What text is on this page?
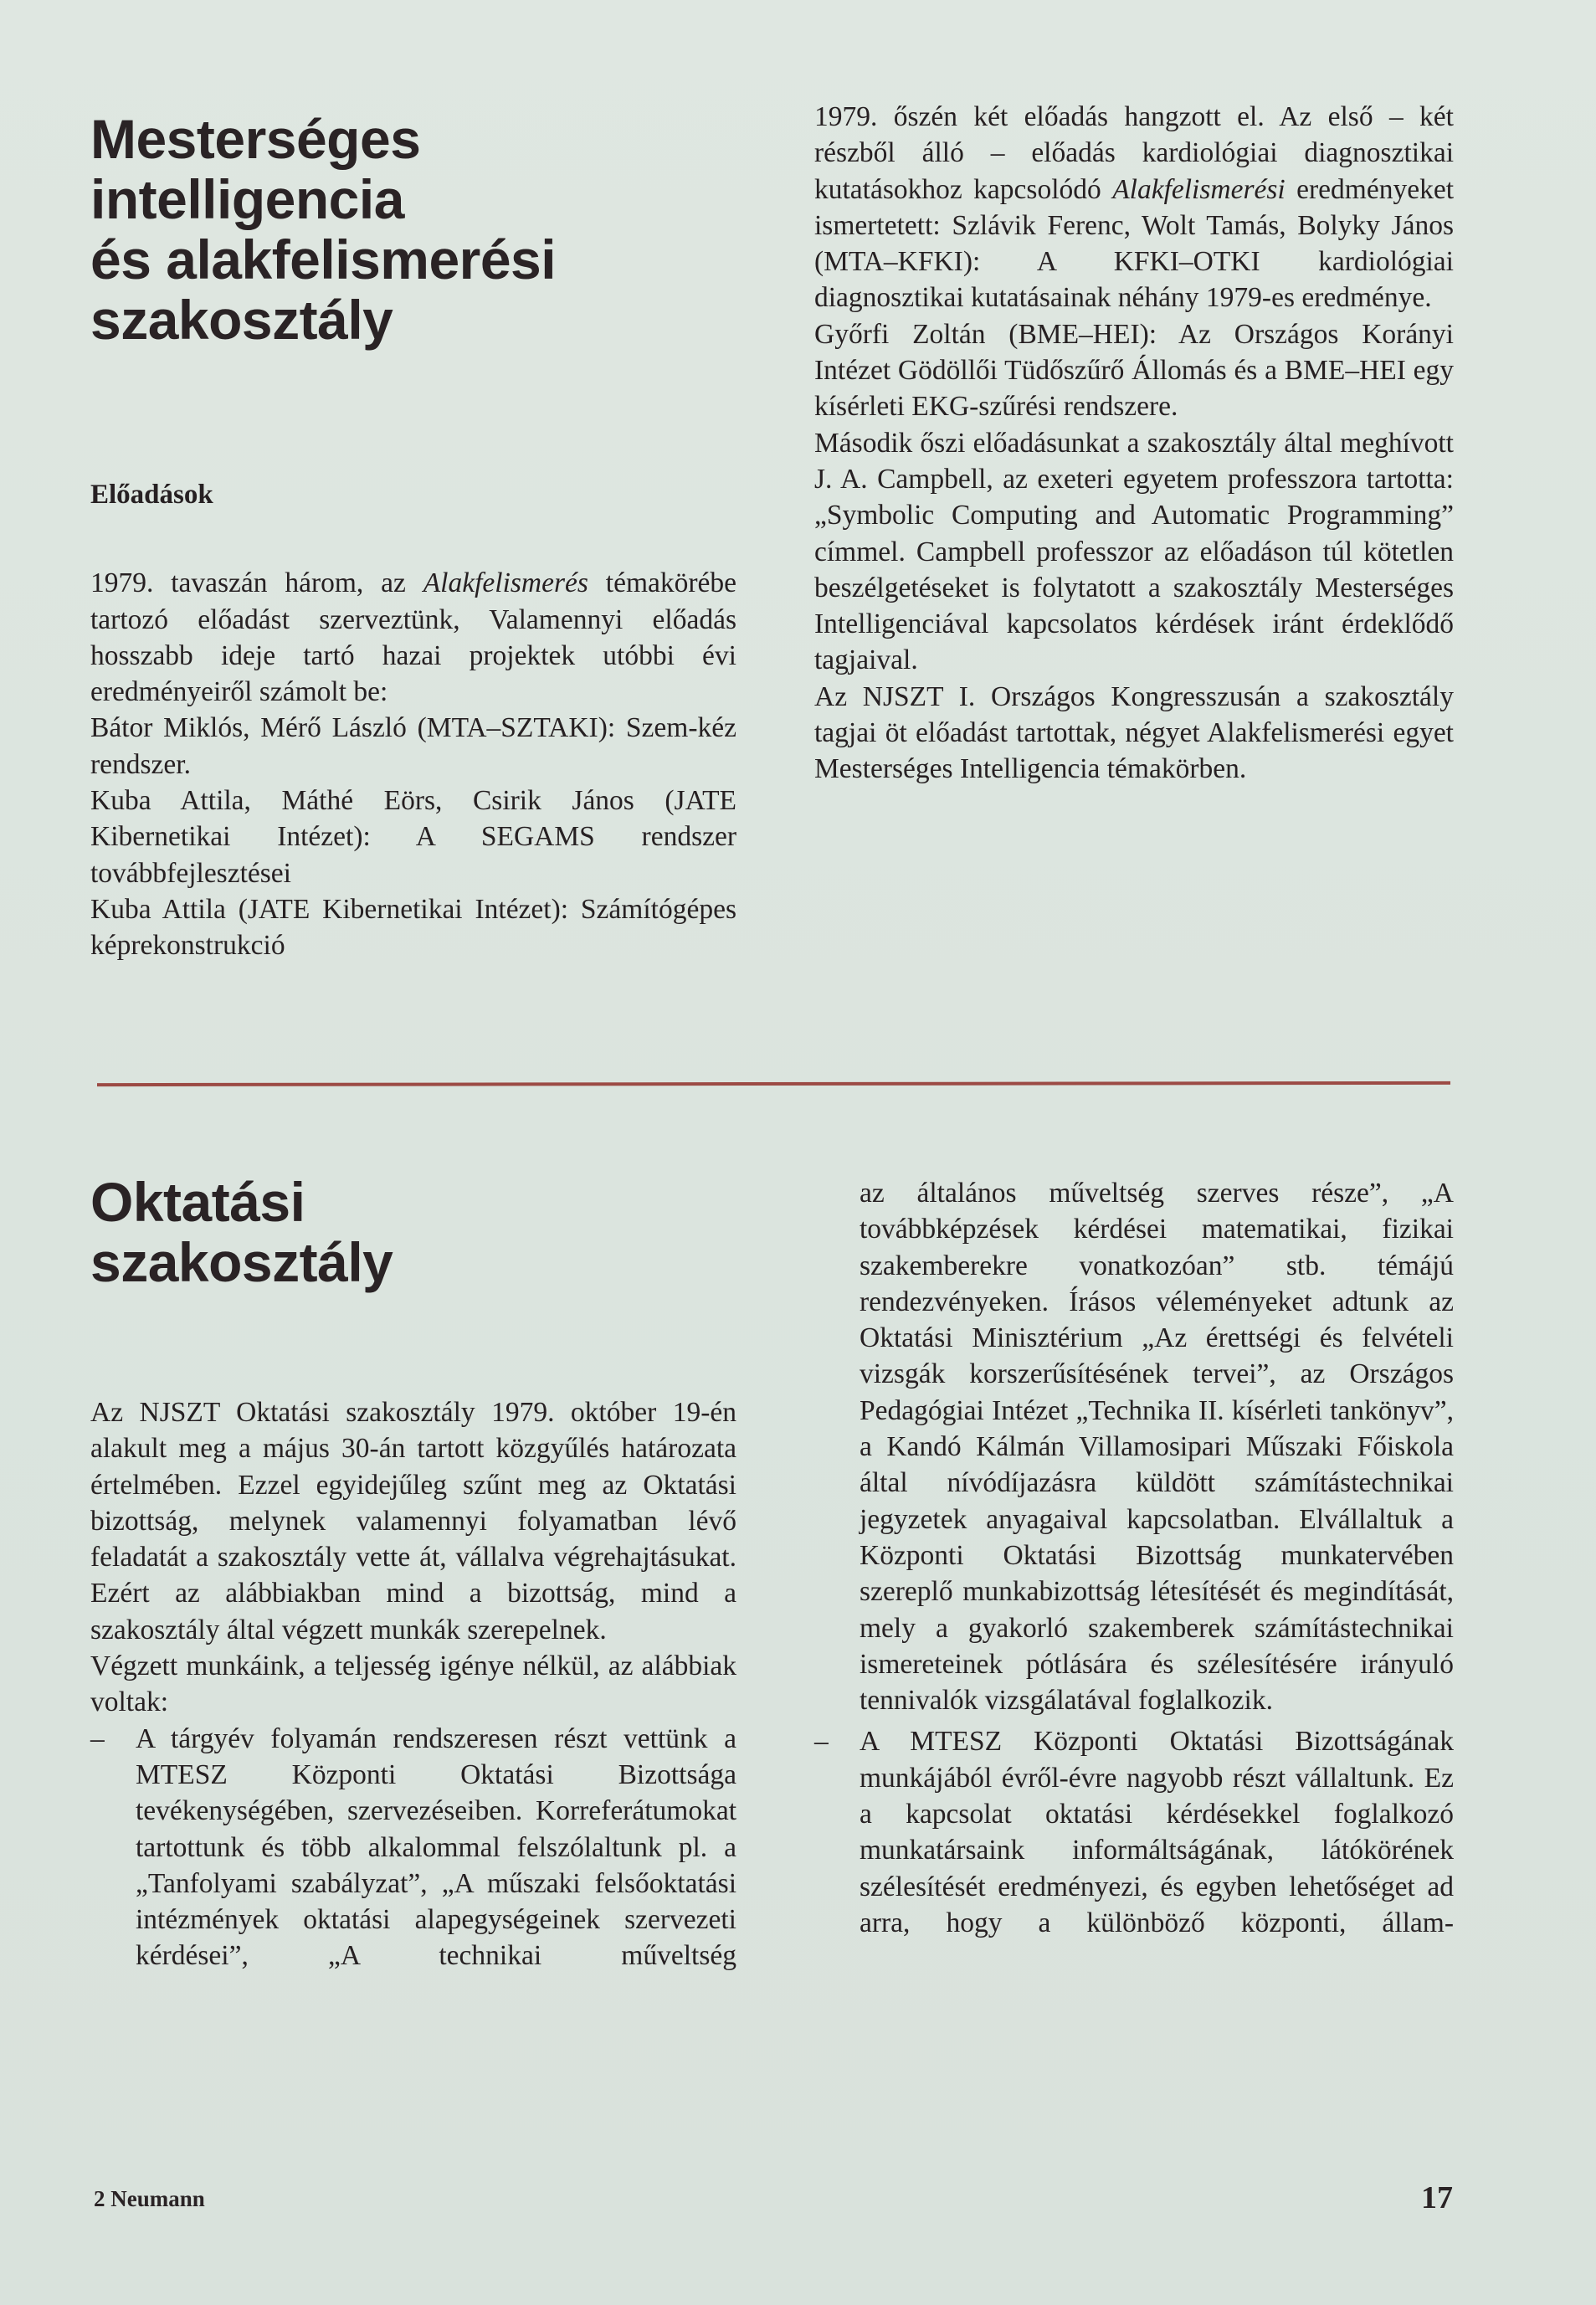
Mesterséges
intelligencia
és alakfelismerési
szakosztály

Előadások

1979. tavaszán három, az Alakfelismerés témakörébe tartozó előadást szerveztünk, Valamennyi előadás hosszabb ideje tartó hazai projektek utóbbi évi eredményeiről számolt be:

Bátor Miklós, Mérő László (MTA–SZTAKI): Szem-kéz rendszer.

Kuba Attila, Máthé Eörs, Csirik János (JATE Kibernetikai Intézet): A SEGAMS rendszer továbbfejlesztései

Kuba Attila (JATE Kibernetikai Intézet): Számítógépes képrekonstrukció

1979. őszén két előadás hangzott el. Az első – két részből álló – előadás kardiológiai diagnosztikai kutatásokhoz kapcsolódó Alakfelismerési eredményeket ismertetett: Szlávik Ferenc, Wolt Tamás, Bolyky János (MTA–KFKI): A KFKI–OTKI kardiológiai diagnosztikai kutatásainak néhány 1979-es eredménye.

Győrfi Zoltán (BME–HEI): Az Országos Korányi Intézet Gödöllői Tüdőszűrő Állomás és a BME–HEI egy kísérleti EKG-szűrési rendszere.

Második őszi előadásunkat a szakosztály által meghívott J. A. Campbell, az exeteri egyetem professzora tartotta: „Symbolic Computing and Automatic Programming” címmel. Campbell professzor az előadáson túl kötetlen beszélgetéseket is folytatott a szakosztály Mesterséges Intelligenciával kapcsolatos kérdések iránt érdeklődő tagjaival.

Az NJSZT I. Országos Kongresszusán a szakosztály tagjai öt előadást tartottak, négyet Alakfelismerési egyet Mesterséges Intelligencia témakörben.

Oktatási
szakosztály

Az NJSZT Oktatási szakosztály 1979. október 19-én alakult meg a május 30-án tartott közgyűlés határozata értelmében. Ezzel egyidejűleg szűnt meg az Oktatási bizottság, melynek valamennyi folyamatban lévő feladatát a szakosztály vette át, vállalva végrehajtásukat. Ezért az alábbiakban mind a bizottság, mind a szakosztály által végzett munkák szerepelnek.

Végzett munkáink, a teljesség igénye nélkül, az alábbiak voltak:

– A tárgyév folyamán rendszeresen részt vettünk a MTESZ Központi Oktatási Bizottsága tevékenységében, szervezéseiben. Korreferátumokat tartottunk és több alkalommal felszólaltunk pl. a „Tanfolyami szabályzat”, „A műszaki felsőoktatási intézmények oktatási alapegységeinek szervezeti kérdései”, „A technikai műveltség

az általános műveltség szerves része”, „A továbbképzések kérdései matematikai, fizikai szakemberekre vonatkozóan” stb. témájú rendezvényeken. Írásos véleményeket adtunk az Oktatási Minisztérium „Az érettségi és felvételi vizsgák korszerűsítésének tervei”, az Országos Pedagógiai Intézet „Technika II. kísérleti tankönyv”, a Kandó Kálmán Villamosipari Műszaki Főiskola által nívódíjazásra küldött számítástechnikai jegyzetek anyagaival kapcsolatban. Elvállaltuk a Központi Oktatási Bizottság munkatervében szereplő munkabizottság létesítését és megindítását, mely a gyakorló szakemberek számítástechnikai ismereteinek pótlására és szélesítésére irányuló tennivalók vizsgálatával foglalkozik.

– A MTESZ Központi Oktatási Bizottságának munkájából évről-évre nagyobb részt vállaltunk. Ez a kapcsolat oktatási kérdésekkel foglalkozó munkatársaink informáltságának, látókörének szélesítését eredményezi, és egyben lehetőséget ad arra, hogy a különböző központi, állam-

2 Neumann	17
